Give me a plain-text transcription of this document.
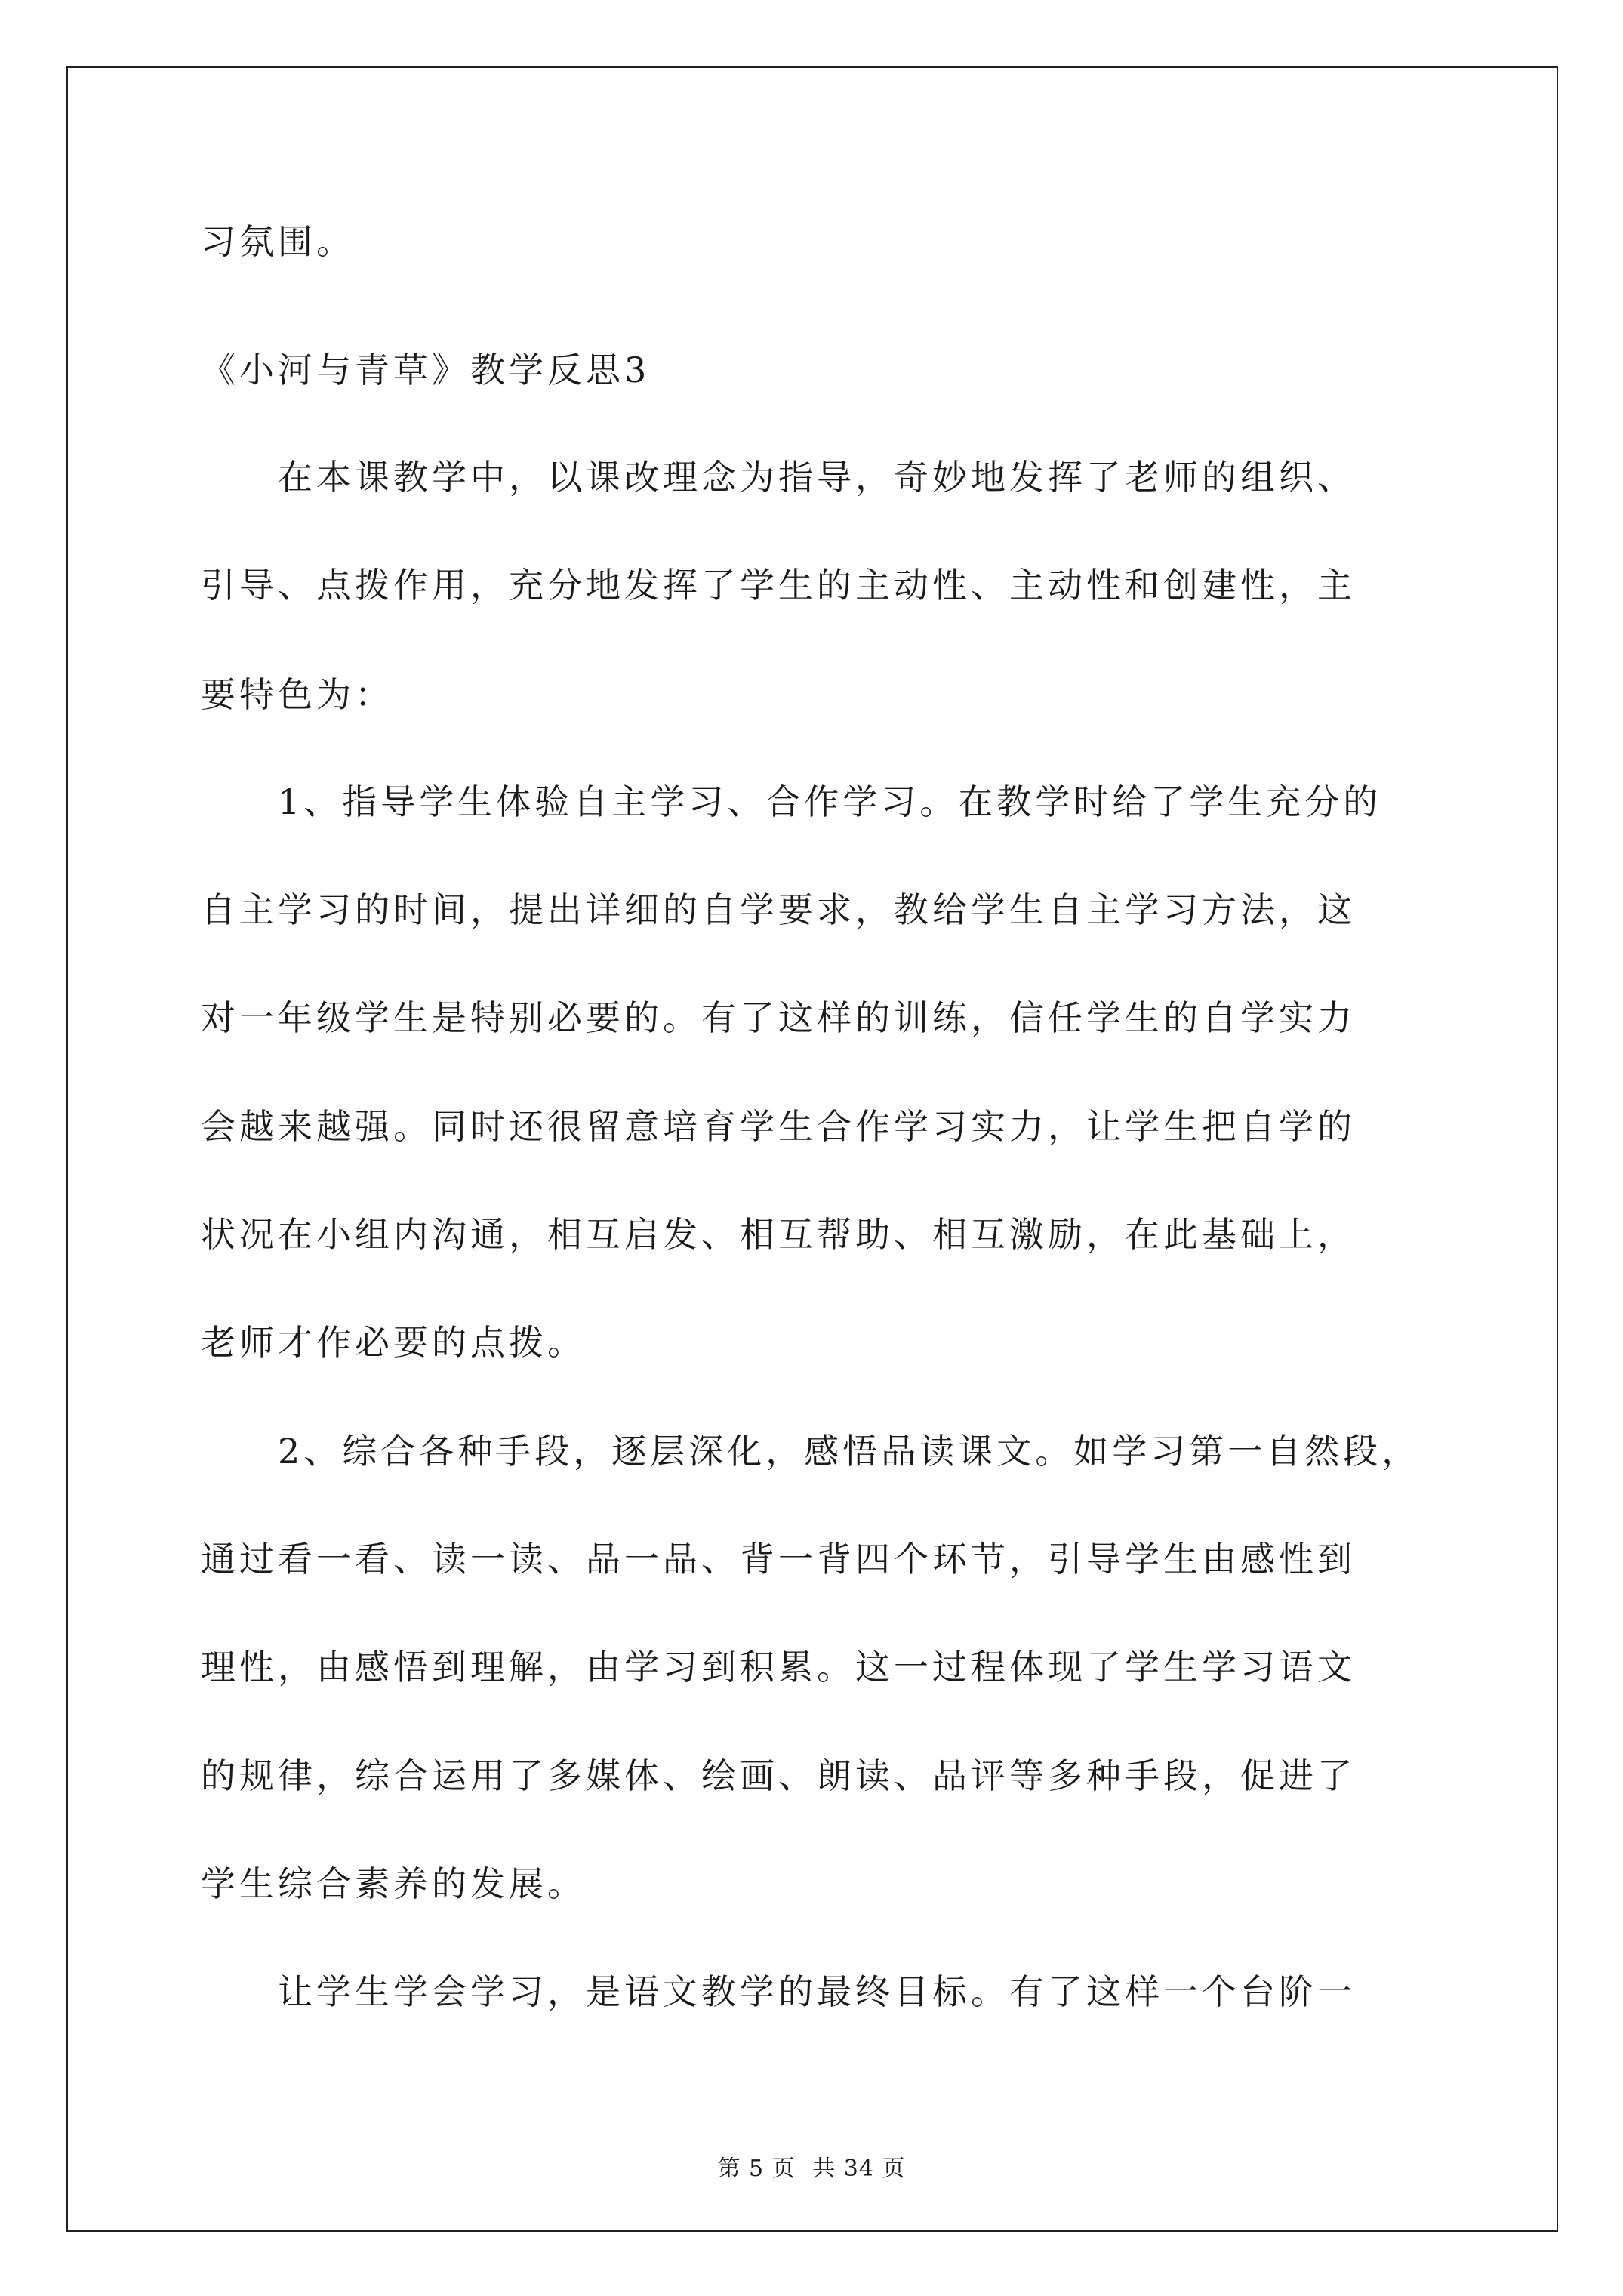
习氛围。
《小河与青草》教学反思3
　　在本课教学中，以课改理念为指导，奇妙地发挥了老师的组织、
引导、点拨作用，充分地发挥了学生的主动性、主动性和创建性，主
要特色为：
　　1、指导学生体验自主学习、合作学习。在教学时给了学生充分的
自主学习的时间，提出详细的自学要求，教给学生自主学习方法，这
对一年级学生是特别必要的。有了这样的训练，信任学生的自学实力
会越来越强。同时还很留意培育学生合作学习实力，让学生把自学的
状况在小组内沟通，相互启发、相互帮助、相互激励，在此基础上，
老师才作必要的点拨。
　　2、综合各种手段，逐层深化，感悟品读课文。如学习第一自然段，
通过看一看、读一读、品一品、背一背四个环节，引导学生由感性到
理性，由感悟到理解，由学习到积累。这一过程体现了学生学习语文
的规律，综合运用了多媒体、绘画、朗读、品评等多种手段，促进了
学生综合素养的发展。
　　让学生学会学习，是语文教学的最终目标。有了这样一个台阶一
第 5 页 共 34 页
